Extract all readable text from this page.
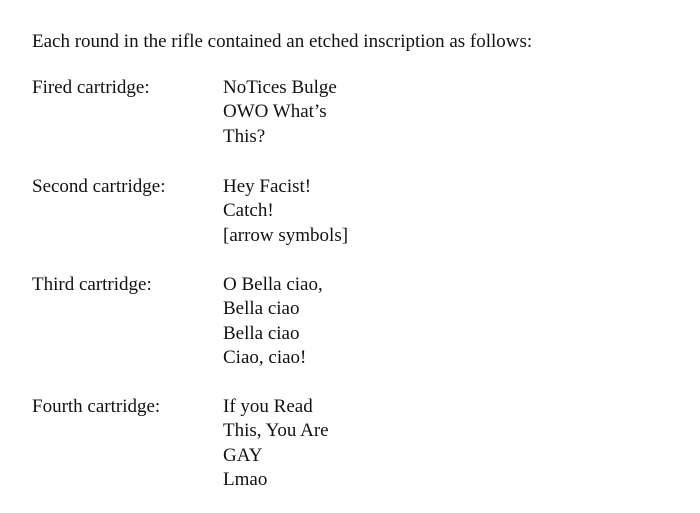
Each round in the rifle contained an etched inscription as follows:
Fired cartridge:	NoTices Bulge
OWO What’s
This?
Second cartridge:	Hey Facist!
Catch!
[arrow symbols]
Third cartridge:	O Bella ciao,
Bella ciao
Bella ciao
Ciao, ciao!
Fourth cartridge:	If you Read
This, You Are
GAY
Lmao
